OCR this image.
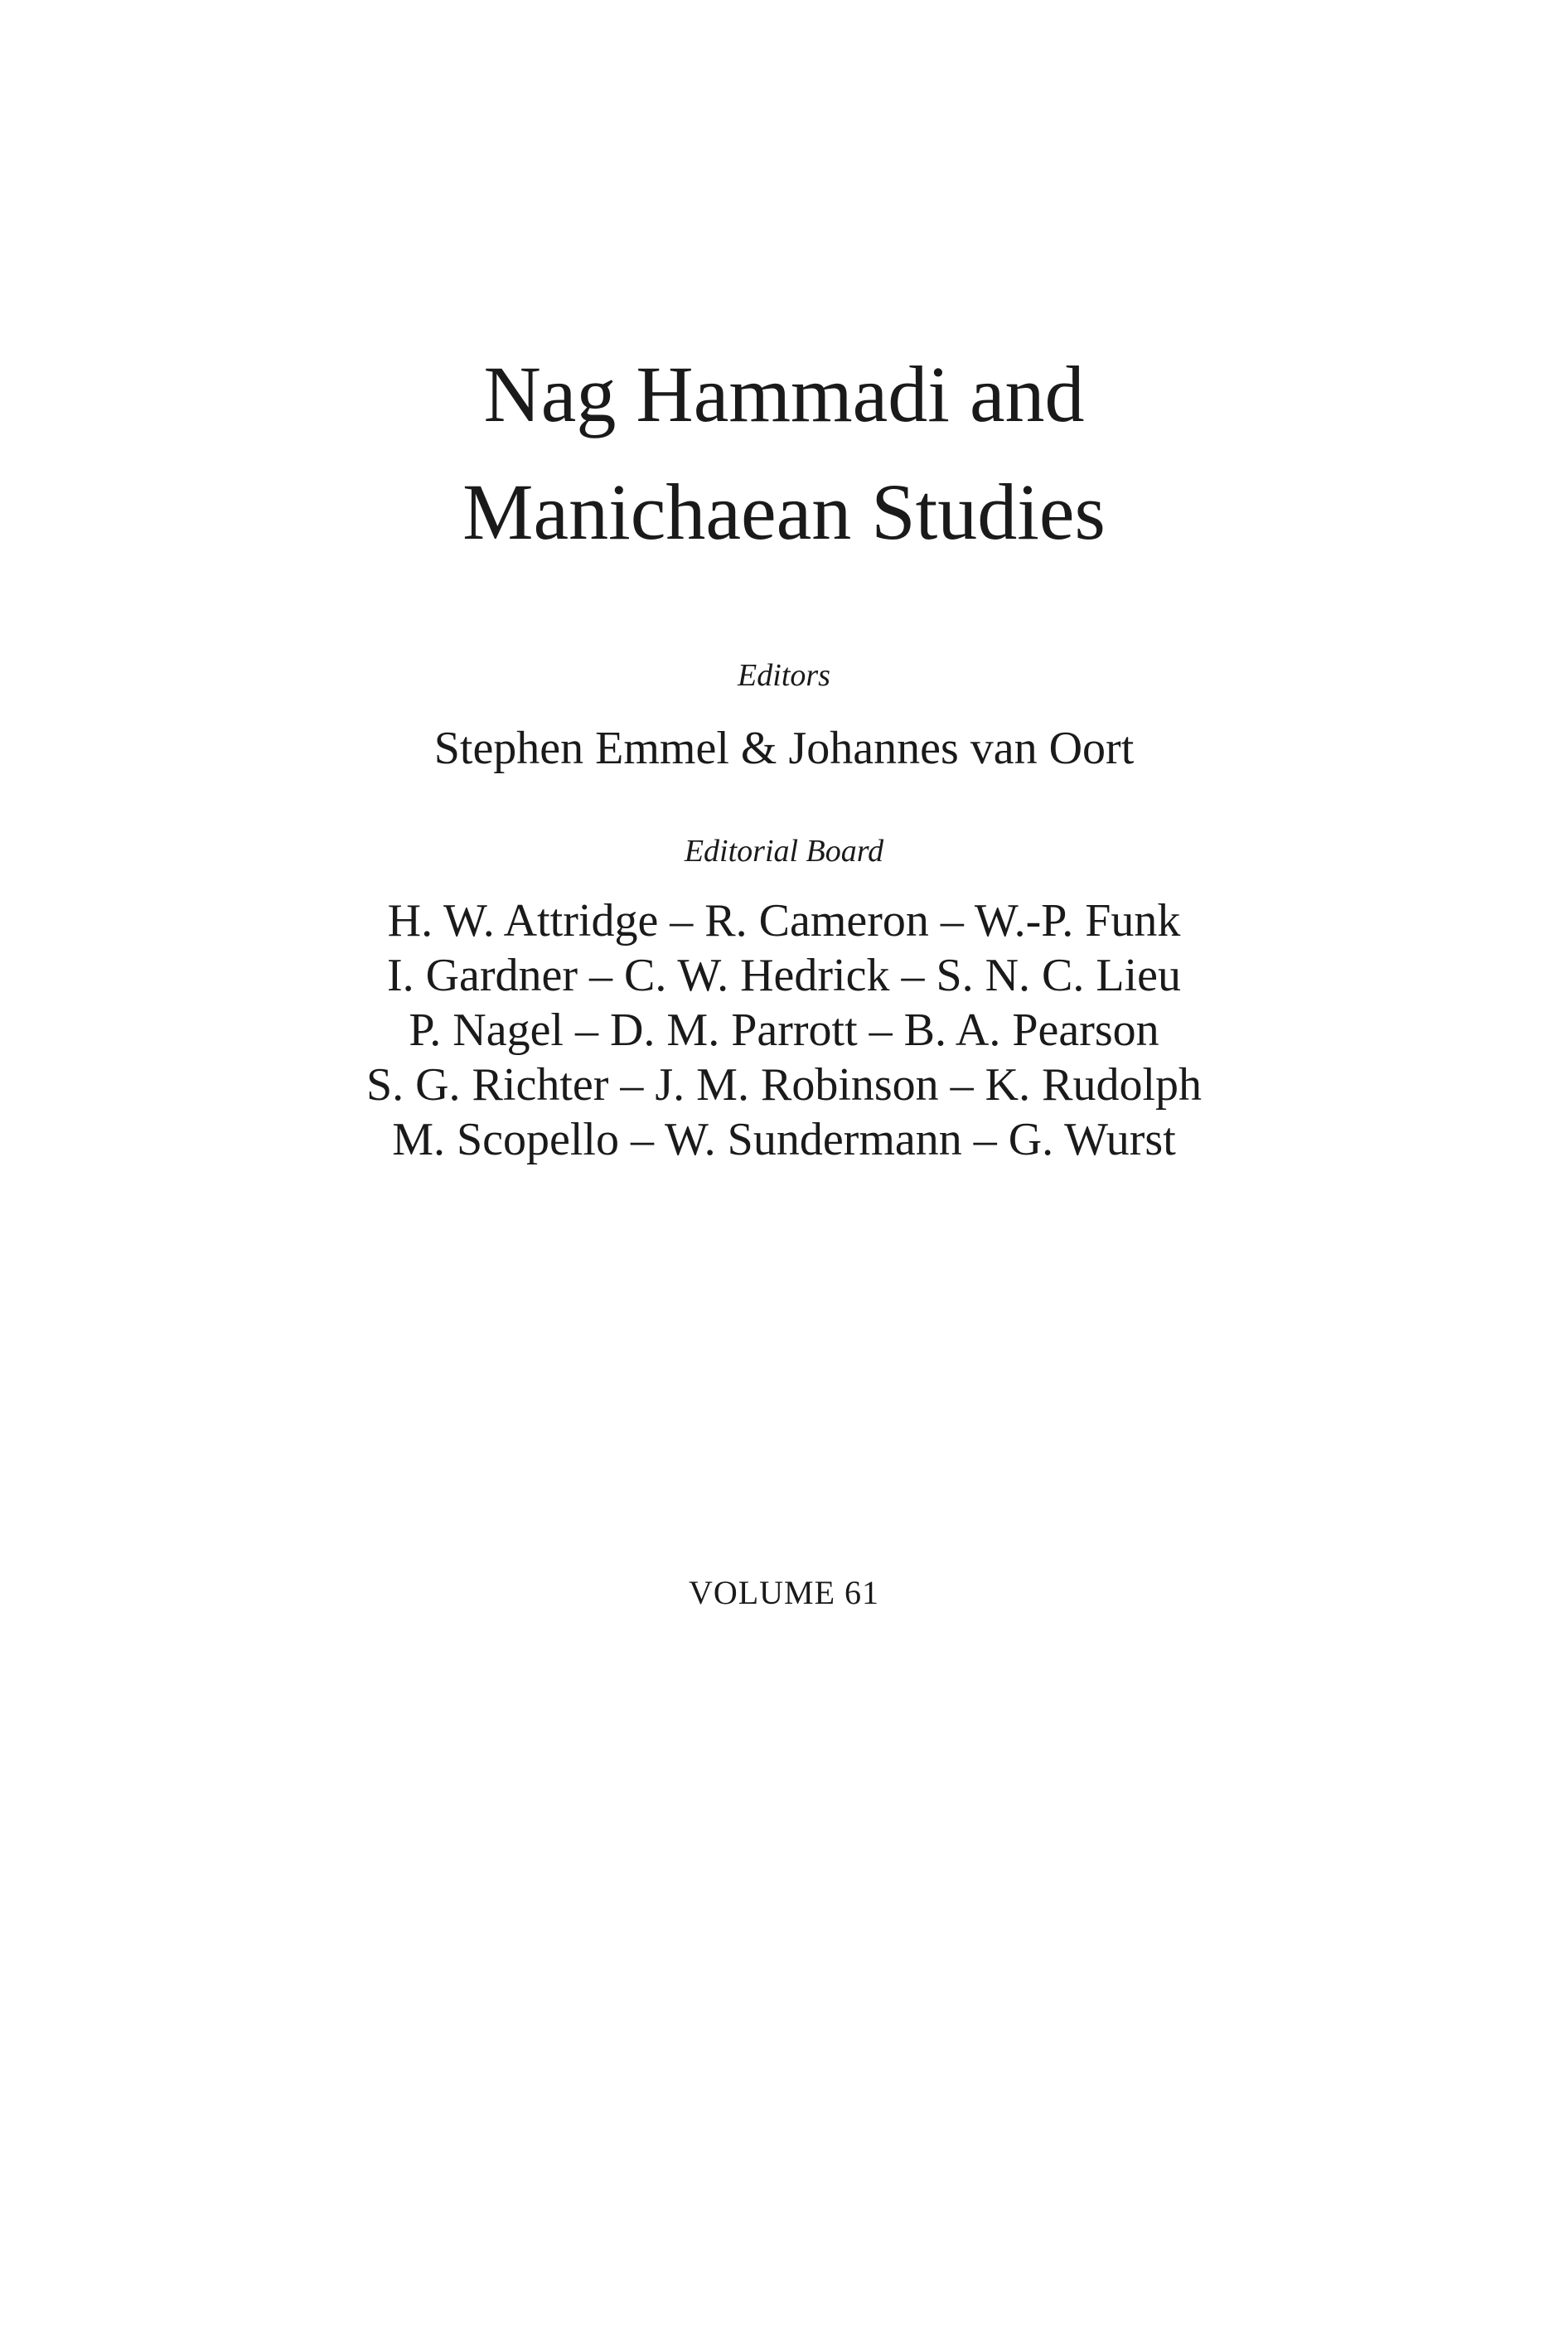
Nag Hammadi and
Manichaean Studies
Editors
Stephen Emmel & Johannes van Oort
Editorial Board
H. W. Attridge – R. Cameron – W.-P. Funk
I. Gardner – C. W. Hedrick – S. N. C. Lieu
P. Nagel – D. M. Parrott – B. A. Pearson
S. G. Richter – J. M. Robinson – K. Rudolph
M. Scopello – W. Sundermann – G. Wurst
VOLUME 61
